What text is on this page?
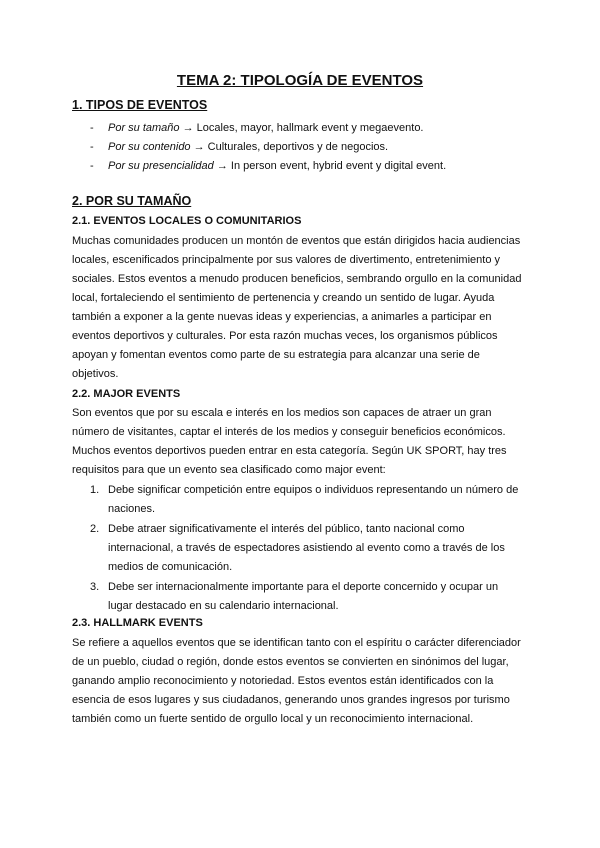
TEMA 2: TIPOLOGÍA DE EVENTOS
1. TIPOS DE EVENTOS
- Por su tamaño → Locales, mayor, hallmark event y megaevento.
- Por su contenido → Culturales, deportivos y de negocios.
- Por su presencialidad → In person event, hybrid event y digital event.
2. POR SU TAMAÑO
2.1. EVENTOS LOCALES O COMUNITARIOS

Muchas comunidades producen un montón de eventos que están dirigidos hacia audiencias locales, escenificados principalmente por sus valores de divertimento, entretenimiento y sociales. Estos eventos a menudo producen beneficios, sembrando orgullo en la comunidad local, fortaleciendo el sentimiento de pertenencia y creando un sentido de lugar. Ayuda también a exponer a la gente nuevas ideas y experiencias, a animarles a participar en eventos deportivos y culturales. Por esta razón muchas veces, los organismos públicos apoyan y fomentan eventos como parte de su estrategia para alcanzar una serie de objetivos.

2.2. MAJOR EVENTS

Son eventos que por su escala e interés en los medios son capaces de atraer un gran número de visitantes, captar el interés de los medios y conseguir beneficios económicos. Muchos eventos deportivos pueden entrar en esta categoría. Según UK SPORT, hay tres requisitos para que un evento sea clasificado como major event:

1. Debe significar competición entre equipos o individuos representando un número de naciones.
2. Debe atraer significativamente el interés del público, tanto nacional como internacional, a través de espectadores asistiendo al evento como a través de los medios de comunicación.
3. Debe ser internacionalmente importante para el deporte concernido y ocupar un lugar destacado en su calendario internacional.
2.3. HALLMARK EVENTS

Se refiere a aquellos eventos que se identifican tanto con el espíritu o carácter diferenciador de un pueblo, ciudad o región, donde estos eventos se convierten en sinónimos del lugar, ganando amplio reconocimiento y notoriedad. Estos eventos están identificados con la esencia de esos lugares y sus ciudadanos, generando unos grandes ingresos por turismo también como un fuerte sentido de orgullo local y un reconocimiento internacional.
